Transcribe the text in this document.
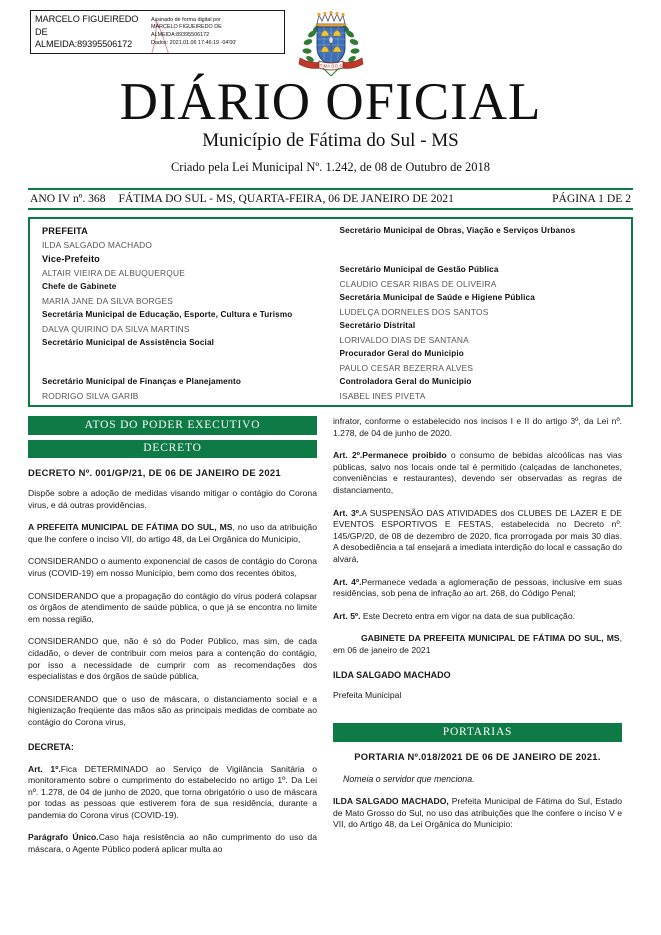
MARCELO FIGUEIREDO DE ALMEIDA:89395506172
Assinado de forma digital por
MARCELO FIGUEIREDO DE
ALMEIDA:89395506172
Dados: 2021.01.06 17:46:19 -04'00'
FÁTIMA DO SUL
DIÁRIO OFICIAL

Município de Fátima do Sul - MS

Criado pela Lei Municipal Nº. 1.242, de 08 de Outubro de 2018

ANO IV nº. 368 FÁTIMA DO SUL - MS, QUARTA-FEIRA, 06 DE JANEIRO DE 2021	PÁGINA 1 DE 2
PREFEITA
ILDA SALGADO MACHADO
Vice-Prefeito
ALTAIR VIEIRA DE ALBUQUERQUE
Chefe de Gabinete
MARIA JANE DA SILVA BORGES
Secretária Municipal de Educação, Esporte, Cultura e Turismo
DALVA QUIRINO DA SILVA MARTINS
Secretário Municipal de Assistência Social
Secretário Municipal de Finanças e Planejamento
RODRIGO SILVA GARIB
Secretário Municipal de Obras, Viação e Serviços Urbanos
Secretário Municipal de Gestão Pública
CLAUDIO CESAR RIBAS DE OLIVEIRA
Secretária Municipal de Saúde e Higiene Pública
LUDELÇA DORNELES DOS SANTOS
Secretário Distrital
LORIVALDO DIAS DE SANTANA
Procurador Geral do Municipio
PAULO CESAR BEZERRA ALVES
Controladora Geral do Municipio
ISABEL INES PIVETA
ATOS DO PODER EXECUTIVO
DECRETO
DECRETO Nº. 001/GP/21, DE 06 DE JANEIRO DE 2021

Dispõe sobre a adoção de medidas visando mitigar o contágio do Corona virus, e dá outras providências.

A PREFEITA MUNICIPAL DE FÁTIMA DO SUL, MS, no uso da atribuição que lhe confere o inciso VII, do artigo 48, da Lei Orgânica do Municipio,

CONSIDERANDO o aumento exponencial de casos de contágio do Corona virus (COVID-19) em nosso Município, bem como dos recentes óbitos,

CONSIDERANDO que a propagação do contágio do vírus poderá colapsar os órgãos de atendimento de saúde pública, o que já se encontra no limite em nossa região,

CONSIDERANDO que, não é só do Poder Público, mas sim, de cada cidadão, o dever de contribuir com meios para a contenção do contágio, por isso a necessidade de cumprir com as recomendações dos especialistas e dos órgãos de saúde pública,

CONSIDERANDO que o uso de máscara, o distanciamento social e a higienização freqüente das mãos são as principais medidas de combate ao contágio do Corona virus,

DECRETA:

Art. 1º.Fica DETERMINADO ao Serviço de Vigilância Sanitária o monitoramento sobre o cumprimento do estabelecido no artigo 1º. Da Lei nº. 1.278, de 04 de junho de 2020, que torna obrigatório o uso de máscara por todas as pessoas que estiverem fora de sua residência, durante a pandemia do Corona virus (COVID-19).

Parágrafo Único.Caso haja resistência ao não cumprimento do uso da máscara, o Agente Público poderá aplicar multa ao

infrator, conforme o estabelecido nos incisos I e II do artigo 3º, da Lei nº. 1.278, de 04 de junho de 2020.

Art. 2º.Permanece proibido o consumo de bebidas alcoólicas nas vias públicas, salvo nos locais onde tal é permitido (calçadas de lanchonetes, conveniências e restaurantes), devendo ser observadas as regras de distanciamento,

Art. 3º.A SUSPENSÃO DAS ATIVIDADES dos CLUBES DE LAZER E DE EVENTOS ESPORTIVOS E FESTAS, estabelecida no Decreto nº. 145/GP/20, de 08 de dezembro de 2020, fica prorrogada por mais 30 dias. A desobediência a tal ensejará a imediata interdição do local e cassação do alvará,

Art. 4º.Permanece vedada a aglomeração de pessoas, inclusive em suas residências, sob pena de infração ao art. 268, do Código Penal;

Art. 5º. Este Decreto entra em vigor na data de sua publicação.

GABINETE DA PREFEITA MUNICIPAL DE FÁTIMA DO SUL, MS, em 06 de janeiro de 2021

ILDA SALGADO MACHADO

Prefeita Municipal

PORTARIAS
PORTARIA Nº.018/2021 DE 06 DE JANEIRO DE 2021.

Nomeia o servidor que menciona.

ILDA SALGADO MACHADO, Prefeita Municipal de Fátima do Sul, Estado de Mato Grosso do Sul, no uso das atribuições que lhe confere o inciso V e VII, do Artigo 48, da Lei Orgânica do Municipio:
